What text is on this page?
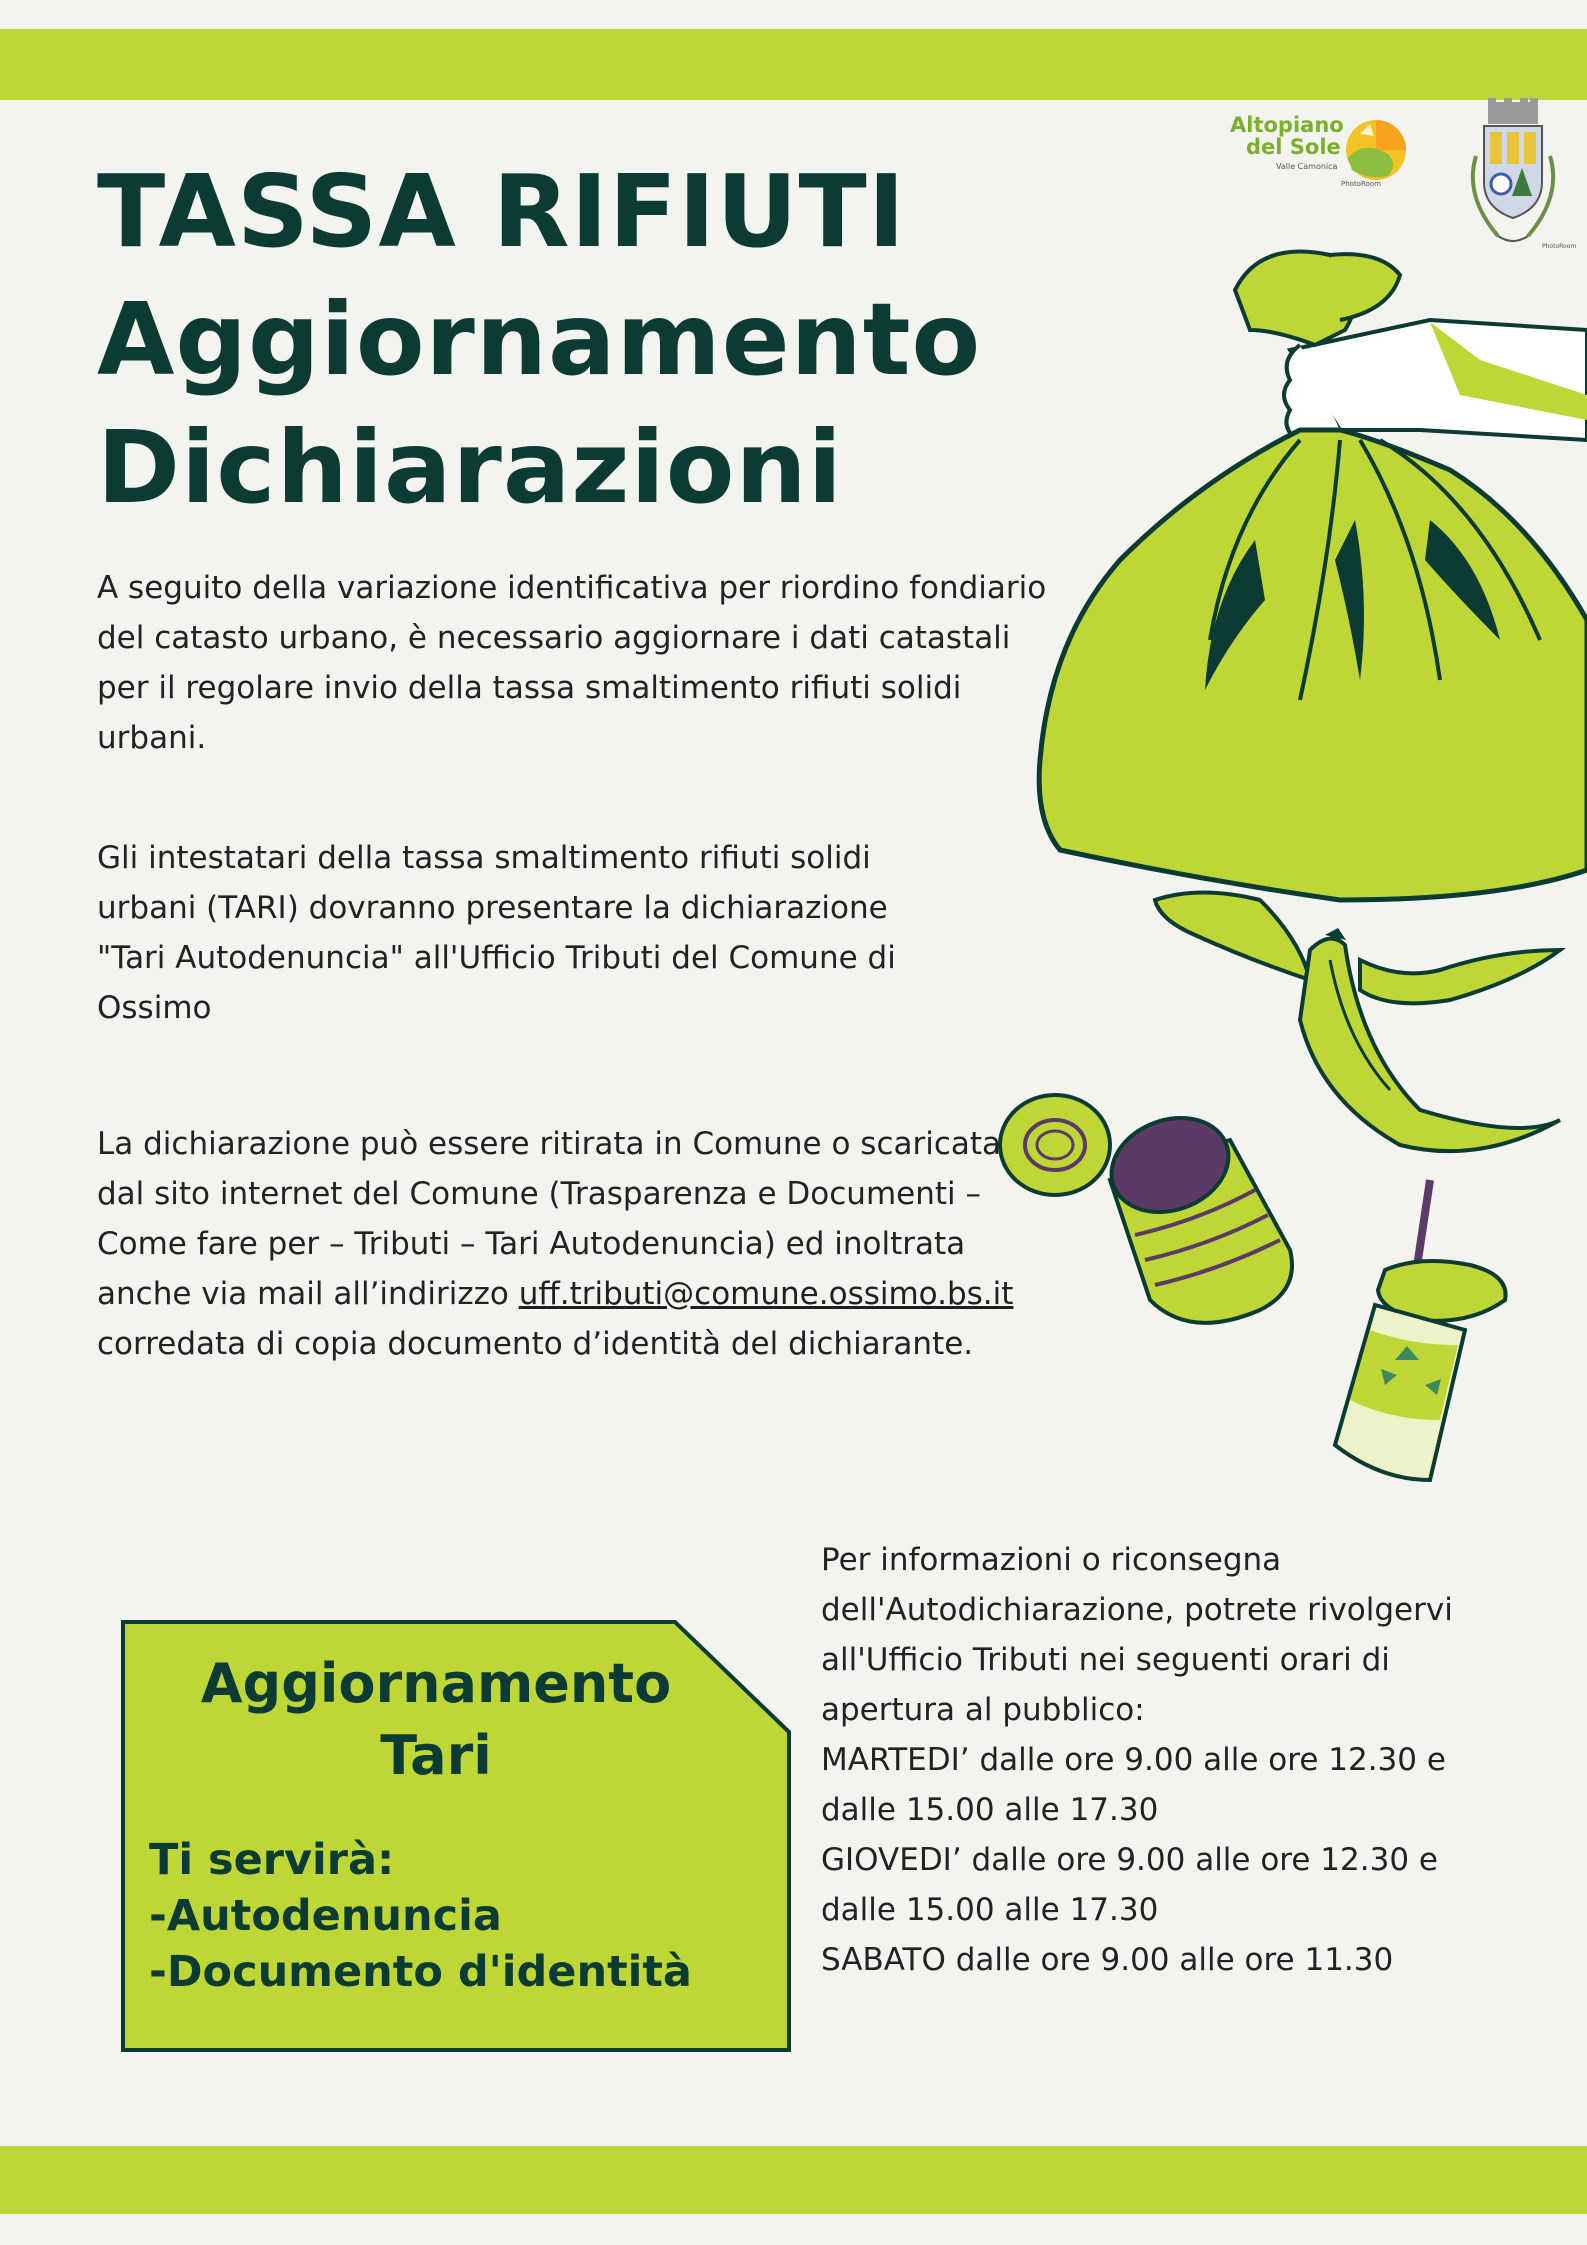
Altopiano
del Sole
Valle Camonica
PhotoRoom
PhotoRoom
TASSA RIFIUTI
Aggiornamento
Dichiarazioni

A seguito della variazione identificativa per riordino fondiario del catasto urbano, è necessario aggiornare i dati catastali per il regolare invio della tassa smaltimento rifiuti solidi urbani.

Gli intestatari della tassa smaltimento rifiuti solidi urbani (TARI) dovranno presentare la dichiarazione "Tari Autodenuncia" all'Ufficio Tributi del Comune di Ossimo

La dichiarazione può essere ritirata in Comune o scaricata dal sito internet del Comune (Trasparenza e Documenti – Come fare per – Tributi – Tari Autodenuncia) ed inoltrata anche via mail all’indirizzo uff.tributi@comune.ossimo.bs.it corredata di copia documento d’identità del dichiarante.

Aggiornamento
Tari
Ti servirà:
-Autodenuncia
-Documento d'identità

Per informazioni o riconsegna dell'Autodichiarazione, potrete rivolgervi all'Ufficio Tributi nei seguenti orari di apertura al pubblico:
MARTEDI’ dalle ore 9.00 alle ore 12.30 e dalle 15.00 alle 17.30
GIOVEDI’ dalle ore 9.00 alle ore 12.30 e dalle 15.00 alle 17.30
SABATO dalle ore 9.00 alle ore 11.30
